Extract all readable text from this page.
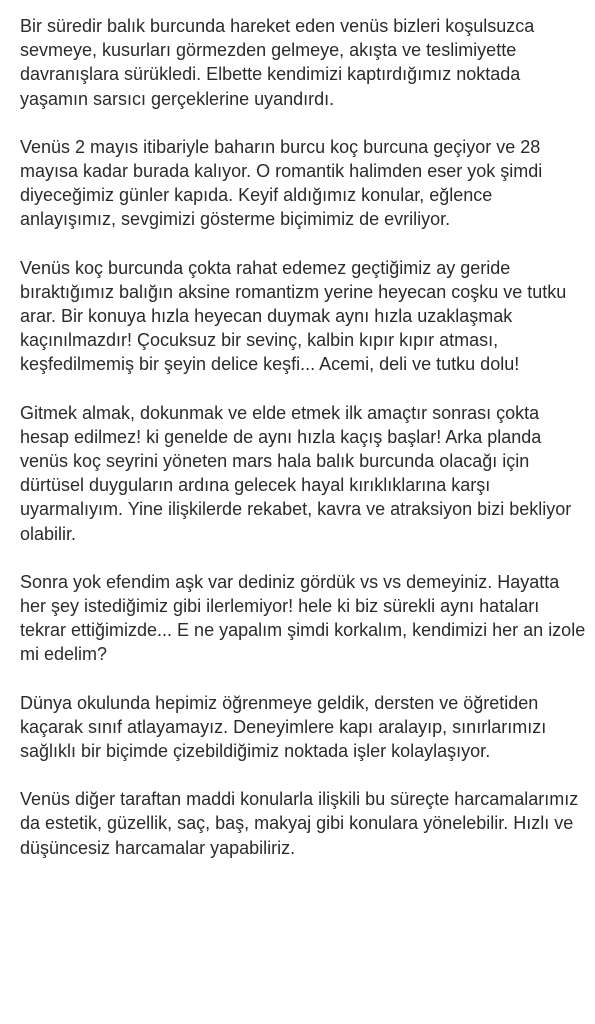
Bir süredir balık burcunda hareket eden venüs bizleri koşulsuzca sevmeye, kusurları görmezden gelmeye, akışta ve teslimiyette davranışlara sürükledi. Elbette kendimizi kaptırdığımız noktada yaşamın sarsıcı gerçeklerine uyandırdı.

Venüs 2 mayıs itibariyle baharın burcu koç burcuna geçiyor ve 28 mayısa kadar burada kalıyor. O romantik halimden eser yok şimdi diyeceğimiz günler kapıda. Keyif aldığımız konular, eğlence anlayışımız, sevgimizi gösterme biçimimiz de evriliyor.

Venüs koç burcunda çokta rahat edemez geçtiğimiz ay geride bıraktığımız balığın aksine romantizm yerine heyecan coşku ve tutku arar. Bir konuya hızla heyecan duymak aynı hızla uzaklaşmak kaçınılmazdır! Çocuksuz bir sevinç, kalbin kıpır kıpır atması, keşfedilmemiş bir şeyin delice keşfi... Acemi, deli ve tutku dolu!

Gitmek almak, dokunmak ve elde etmek ilk amaçtır sonrası çokta hesap edilmez! ki genelde de aynı hızla kaçış başlar! Arka planda venüs koç seyrini yöneten mars hala balık burcunda olacağı için dürtüsel duyguların ardına gelecek hayal kırıklıklarına karşı uyarmalıyım. Yine ilişkilerde rekabet, kavra ve atraksiyon bizi bekliyor olabilir.

Sonra yok efendim aşk var dediniz gördük vs vs demeyiniz. Hayatta her şey istediğimiz gibi ilerlemiyor! hele ki biz sürekli aynı hataları tekrar ettiğimizde... E ne yapalım şimdi korkalım, kendimizi her an izole mi edelim?

Dünya okulunda hepimiz öğrenmeye geldik, dersten ve öğretiden kaçarak sınıf atlayamayız. Deneyimlere kapı aralayıp, sınırlarımızı sağlıklı bir biçimde çizebildiğimiz noktada işler kolaylaşıyor.

Venüs diğer taraftan maddi konularla ilişkili bu süreçte harcamalarımız da estetik, güzellik, saç, baş, makyaj gibi konulara yönelebilir. Hızlı ve düşüncesiz harcamalar yapabiliriz.
